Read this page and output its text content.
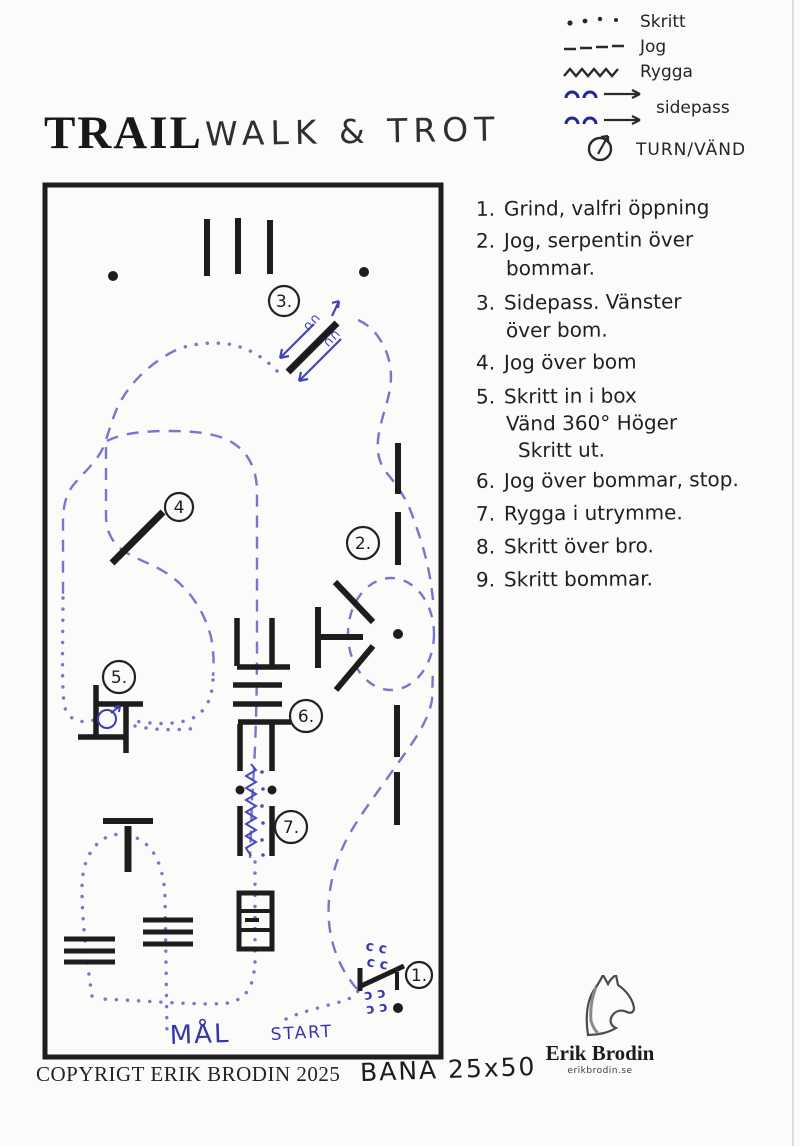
TRAIL WALK & TROT
Skritt
Jog
Rygga
sidepass
TURN/VÄND
1. Grind, valfri öppning
2. Jog, serpentin över
bommar.
3. Sidepass. Vänster
över bom.
4. Jog över bom
5. Skritt in i box
Vänd 360° Höger
Skritt ut.
6. Jog över bommar, stop.
7. Rygga i utrymme.
8. Skritt över bro.
9. Skritt bommar.
∩∩
∩∩
c c
c c
ɔ ɔ
ɔ ɔ
3.
2.
4
5.
6.
7.
1.
MÅL START
COPYRIGT ERIK BRODIN 2025 BANA 25x50 Erik Brodin
erikbrodin.se
